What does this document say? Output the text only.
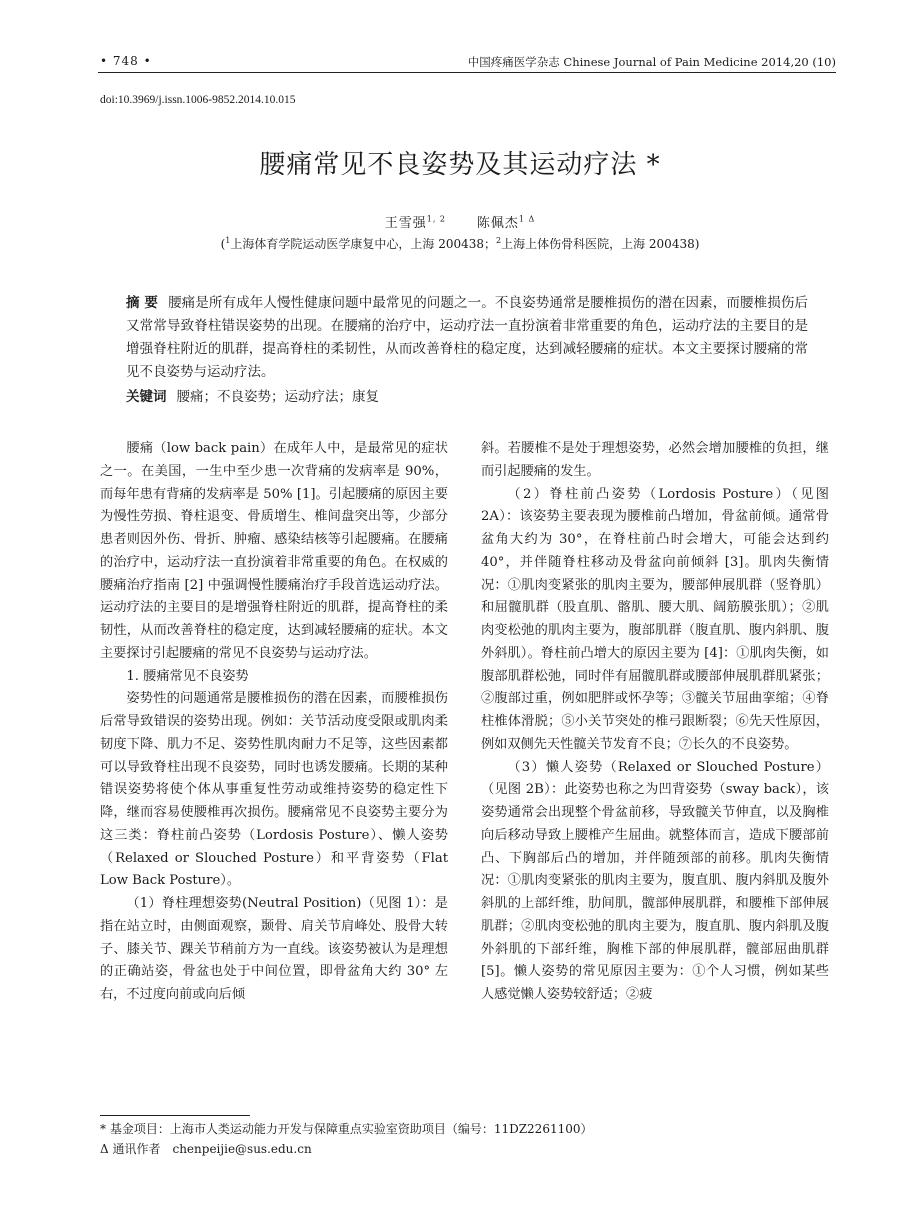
• 748 •	中国疼痛医学杂志 Chinese Journal of Pain Medicine 2014,20 (10)
doi:10.3969/j.issn.1006-9852.2014.10.015
腰痛常见不良姿势及其运动疗法 *
王雪强$^{1, 2}$ 陈佩杰$^{1 \Delta}$
($^1$上海体育学院运动医学康复中心，上海 200438；$^2$上海上体伤骨科医院，上海 200438)
摘 要 腰痛是所有成年人慢性健康问题中最常见的问题之一。不良姿势通常是腰椎损伤的潜在因素，而腰椎损伤后又常常导致脊柱错误姿势的出现。在腰痛的治疗中，运动疗法一直扮演着非常重要的角色，运动疗法的主要目的是增强脊柱附近的肌群，提高脊柱的柔韧性，从而改善脊柱的稳定度，达到减轻腰痛的症状。本文主要探讨腰痛的常见不良姿势与运动疗法。
关键词 腰痛；不良姿势；运动疗法；康复

腰痛（low back pain）在成年人中，是最常见的症状之一。在美国，一生中至少患一次背痛的发病率是 90%，而每年患有背痛的发病率是 50% [1]。引起腰痛的原因主要为慢性劳损、脊柱退变、骨质增生、椎间盘突出等，少部分患者则因外伤、骨折、肿瘤、感染结核等引起腰痛。在腰痛的治疗中，运动疗法一直扮演着非常重要的角色。在权威的腰痛治疗指南 [2] 中强调慢性腰痛治疗手段首选运动疗法。运动疗法的主要目的是增强脊柱附近的肌群，提高脊柱的柔韧性，从而改善脊柱的稳定度，达到减轻腰痛的症状。本文主要探讨引起腰痛的常见不良姿势与运动疗法。

1. 腰痛常见不良姿势

姿势性的问题通常是腰椎损伤的潜在因素，而腰椎损伤后常导致错误的姿势出现。例如：关节活动度受限或肌肉柔韧度下降、肌力不足、姿势性肌肉耐力不足等，这些因素都可以导致脊柱出现不良姿势，同时也诱发腰痛。长期的某种错误姿势将使个体从事重复性劳动或维持姿势的稳定性下降，继而容易使腰椎再次损伤。腰痛常见不良姿势主要分为这三类：脊柱前凸姿势（Lordosis Posture）、懒人姿势（Relaxed or Slouched Posture）和平背姿势（Flat Low Back Posture）。

（1）脊柱理想姿势(Neutral Position)（见图 1）：是指在站立时，由侧面观察，颞骨、肩关节肩峰处、股骨大转子、膝关节、踝关节稍前方为一直线。该姿势被认为是理想的正确站姿，骨盆也处于中间位置，即骨盆角大约 30° 左右，不过度向前或向后倾

斜。若腰椎不是处于理想姿势，必然会增加腰椎的负担，继而引起腰痛的发生。

（2）脊柱前凸姿势（Lordosis Posture）（见图 2A）：该姿势主要表现为腰椎前凸增加，骨盆前倾。通常骨盆角大约为 30°，在脊柱前凸时会增大，可能会达到约 40°，并伴随脊柱移动及骨盆向前倾斜 [3]。肌肉失衡情况：①肌肉变紧张的肌肉主要为，腰部伸展肌群（竖脊肌）和屈髋肌群（股直肌、髂肌、腰大肌、阔筋膜张肌）；②肌肉变松弛的肌肉主要为，腹部肌群（腹直肌、腹内斜肌、腹外斜肌）。脊柱前凸增大的原因主要为 [4]：①肌肉失衡，如腹部肌群松弛，同时伴有屈髋肌群或腰部伸展肌群肌紧张；②腹部过重，例如肥胖或怀孕等；③髋关节屈曲挛缩；④脊柱椎体滑脱；⑤小关节突处的椎弓跟断裂；⑥先天性原因，例如双侧先天性髋关节发育不良；⑦长久的不良姿势。

（3）懒人姿势（Relaxed or Slouched Posture）（见图 2B）：此姿势也称之为凹背姿势（sway back），该姿势通常会出现整个骨盆前移，导致髋关节伸直，以及胸椎向后移动导致上腰椎产生屈曲。就整体而言，造成下腰部前凸、下胸部后凸的增加，并伴随颈部的前移。肌肉失衡情况：①肌肉变紧张的肌肉主要为，腹直肌、腹内斜肌及腹外斜肌的上部纤维，肋间肌，髋部伸展肌群，和腰椎下部伸展肌群；②肌肉变松弛的肌肉主要为，腹直肌、腹内斜肌及腹外斜肌的下部纤维，胸椎下部的伸展肌群，髋部屈曲肌群 [5]。懒人姿势的常见原因主要为：①个人习惯，例如某些人感觉懒人姿势较舒适；②疲

* 基金项目：上海市人类运动能力开发与保障重点实验室资助项目（编号：11DZ2261100）
Δ 通讯作者　chenpeijie@sus.edu.cn
